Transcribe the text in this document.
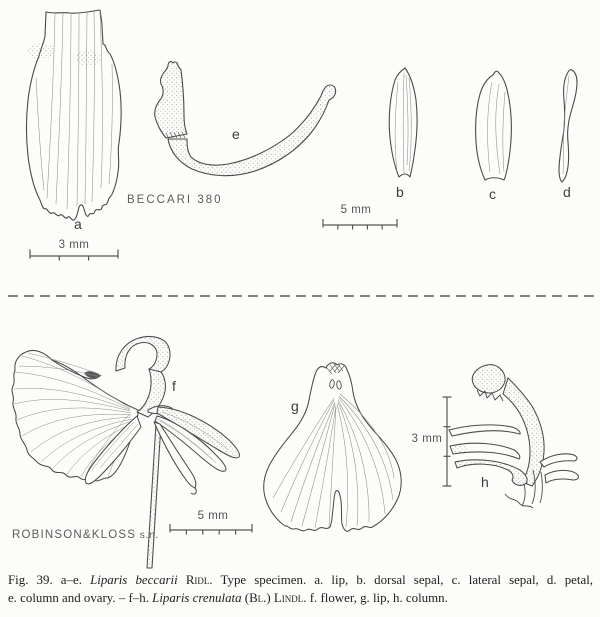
a
b	c	d
e
f
g
h
BECCARI 380
ROBINSON&KLOSS s.n.
3 mm
5 mm
5 mm
3 mm
Fig. 39. a–e. Liparis beccarii Ridl. Type specimen. a. lip, b. dorsal sepal, c. lateral sepal, d. petal,
e. column and ovary. – f–h. Liparis crenulata (Bl.) Lindl. f. flower, g. lip, h. column.
